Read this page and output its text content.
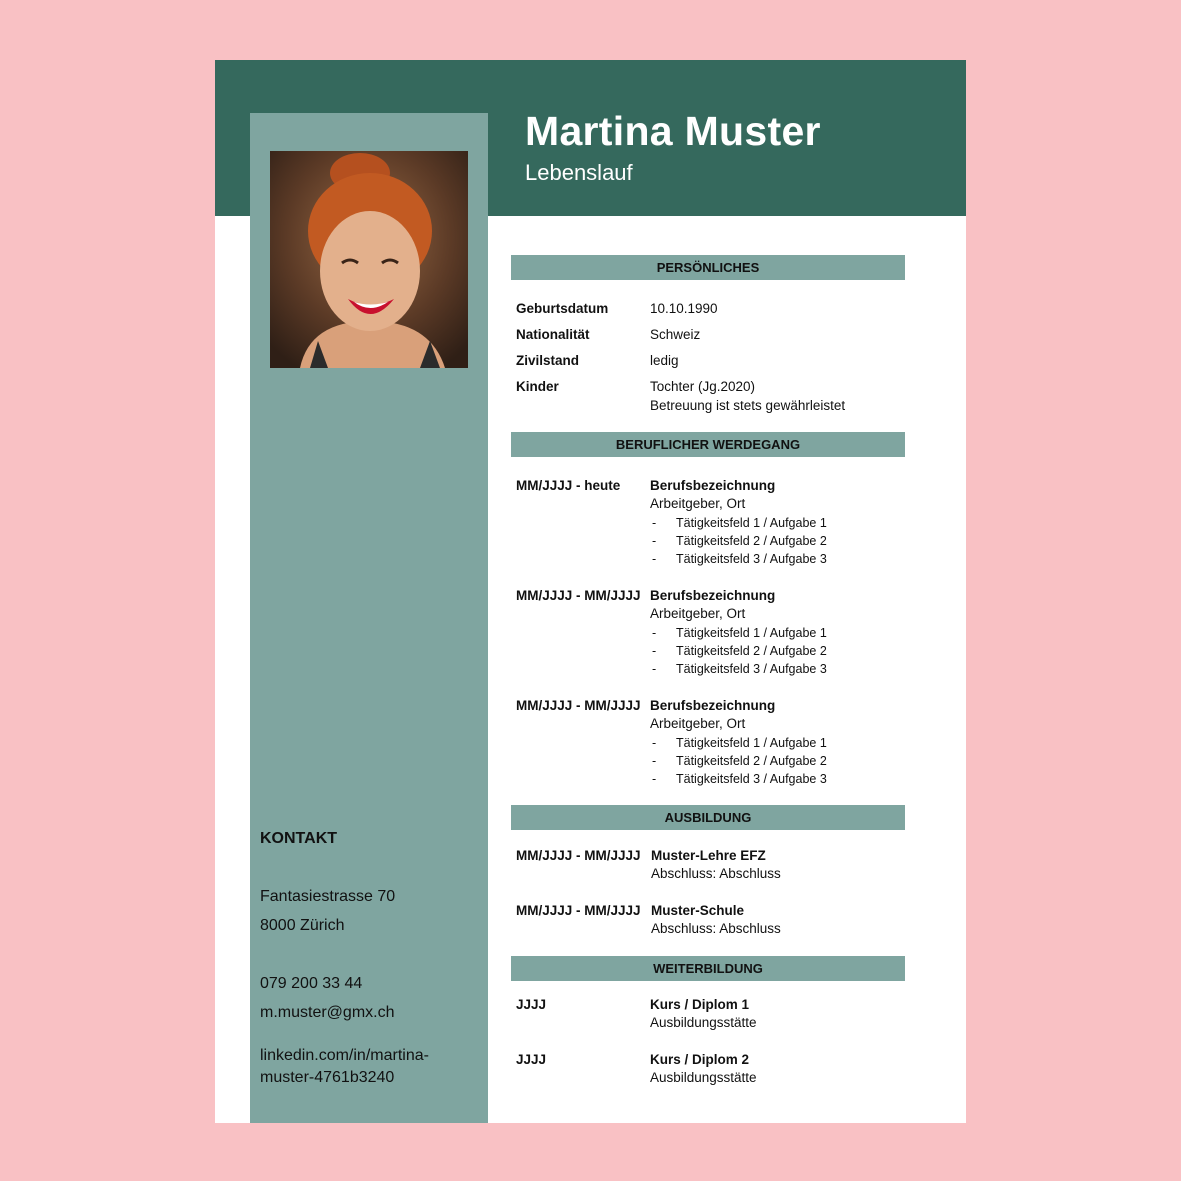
Martina Muster
Lebenslauf
KONTAKT
Fantasiestrasse 70
8000 Zürich
079 200 33 44
m.muster@gmx.ch
linkedin.com/in/martina-
muster-4761b3240
PERSÖNLICHES
Geburtsdatum	10.10.1990
Nationalität	Schweiz
Zivilstand	ledig
Kinder	Tochter (Jg.2020)
Betreuung ist stets gewährleistet
BERUFLICHER WERDEGANG
MM/JJJJ - heute Berufsbezeichnung
Arbeitgeber, Ort
- Tätigkeitsfeld 1 / Aufgabe 1
- Tätigkeitsfeld 2 / Aufgabe 2
- Tätigkeitsfeld 3 / Aufgabe 3
MM/JJJJ - MM/JJJJ Berufsbezeichnung
Arbeitgeber, Ort
- Tätigkeitsfeld 1 / Aufgabe 1
- Tätigkeitsfeld 2 / Aufgabe 2
- Tätigkeitsfeld 3 / Aufgabe 3
MM/JJJJ - MM/JJJJ Berufsbezeichnung
Arbeitgeber, Ort
- Tätigkeitsfeld 1 / Aufgabe 1
- Tätigkeitsfeld 2 / Aufgabe 2
- Tätigkeitsfeld 3 / Aufgabe 3
AUSBILDUNG
MM/JJJJ - MM/JJJJ Muster-Lehre EFZ
Abschluss: Abschluss
MM/JJJJ - MM/JJJJ Muster-Schule
Abschluss: Abschluss
WEITERBILDUNG
JJJJ	Kurs / Diplom 1
Ausbildungsstätte
JJJJ	Kurs / Diplom 2
Ausbildungsstätte
